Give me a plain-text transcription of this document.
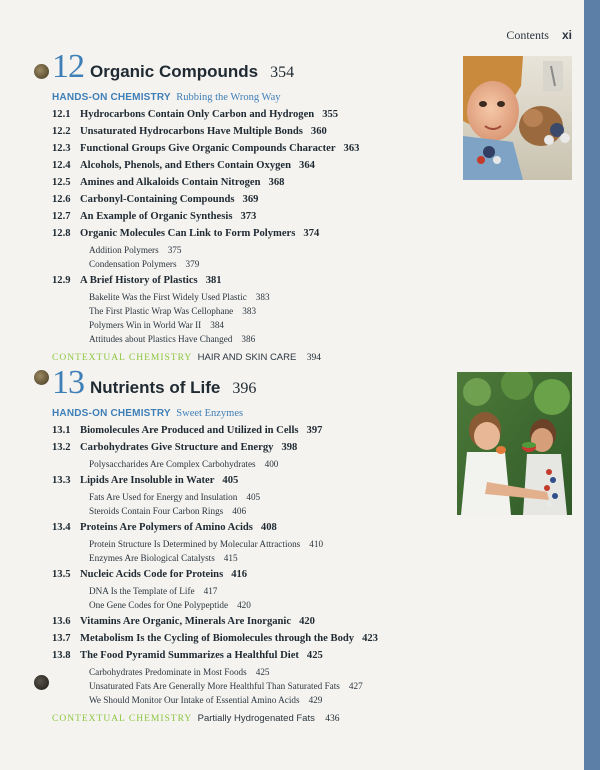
Contents xi
12 Organic Compounds 354
HANDS-ON CHEMISTRY Rubbing the Wrong Way
12.1 Hydrocarbons Contain Only Carbon and Hydrogen 355
12.2 Unsaturated Hydrocarbons Have Multiple Bonds 360
12.3 Functional Groups Give Organic Compounds Character 363
12.4 Alcohols, Phenols, and Ethers Contain Oxygen 364
12.5 Amines and Alkaloids Contain Nitrogen 368
12.6 Carbonyl-Containing Compounds 369
12.7 An Example of Organic Synthesis 373
12.8 Organic Molecules Can Link to Form Polymers 374
Addition Polymers 375
Condensation Polymers 379
12.9 A Brief History of Plastics 381
Bakelite Was the First Widely Used Plastic 383
The First Plastic Wrap Was Cellophane 383
Polymers Win in World War II 384
Attitudes about Plastics Have Changed 386
CONTEXTUAL CHEMISTRY HAIR AND SKIN CARE 394
13 Nutrients of Life 396
HANDS-ON CHEMISTRY Sweet Enzymes
13.1 Biomolecules Are Produced and Utilized in Cells 397
13.2 Carbohydrates Give Structure and Energy 398
Polysaccharides Are Complex Carbohydrates 400
13.3 Lipids Are Insoluble in Water 405
Fats Are Used for Energy and Insulation 405
Steroids Contain Four Carbon Rings 406
13.4 Proteins Are Polymers of Amino Acids 408
Protein Structure Is Determined by Molecular Attractions 410
Enzymes Are Biological Catalysts 415
13.5 Nucleic Acids Code for Proteins 416
DNA Is the Template of Life 417
One Gene Codes for One Polypeptide 420
13.6 Vitamins Are Organic, Minerals Are Inorganic 420
13.7 Metabolism Is the Cycling of Biomolecules through the Body 423
13.8 The Food Pyramid Summarizes a Healthful Diet 425
Carbohydrates Predominate in Most Foods 425
Unsaturated Fats Are Generally More Healthful Than Saturated Fats 427
We Should Monitor Our Intake of Essential Amino Acids 429
CONTEXTUAL CHEMISTRY Partially Hydrogenated Fats 436
